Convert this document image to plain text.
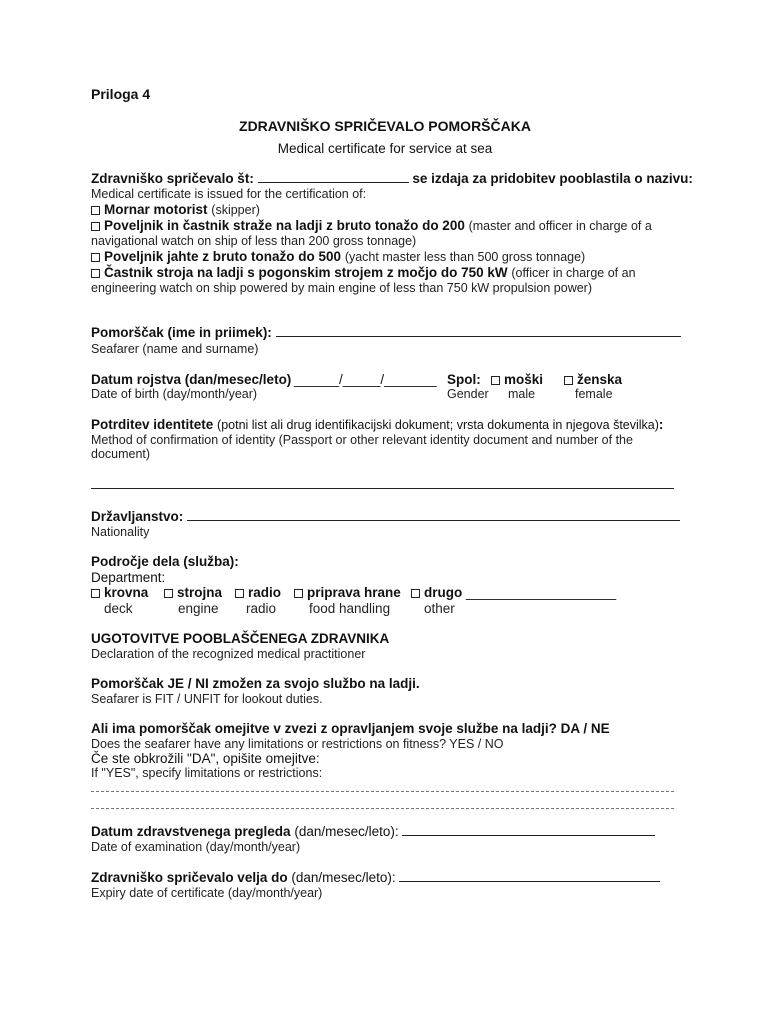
Priloga 4
ZDRAVNIŠKO SPRIČEVALO POMORŠČAKA
Medical certificate for service at sea
Zdravniško spričevalo št:	se izdaja za pridobitev pooblastila o nazivu:
Medical certificate is issued for the certification of:
Mornar motorist (skipper)
Poveljnik in častnik straže na ladji z bruto tonažo do 200 (master and officer in charge of a
navigational watch on ship of less than 200 gross tonnage)
Poveljnik jahte z bruto tonažo do 500 (yacht master less than 500 gross tonnage)
Častnik stroja na ladji s pogonskim strojem z močjo do 750 kW (officer in charge of an
engineering watch on ship powered by main engine of less than 750 kW propulsion power)
Pomorščak (ime in priimek):
Seafarer (name and surname)
Datum rojstva (dan/mesec/leto) ______/_____/_______
Date of birth (day/month/year)
Spol:
Gender
moški
male
ženska
female
Potrditev identitete (potni list ali drug identifikacijski dokument; vrsta dokumenta in njegova številka):
Method of confirmation of identity (Passport or other relevant identity document and number of the
document)
Državljanstvo:
Nationality
Področje dela (služba):
Department:
krovna
deck
strojna
engine
radio
radio
priprava hrane
food handling
drugo ____________________
other
UGOTOVITVE POOBLAŠČENEGA ZDRAVNIKA
Declaration of the recognized medical practitioner
Pomorščak JE / NI zmožen za svojo službo na ladji.
Seafarer is FIT / UNFIT for lookout duties.
Ali ima pomorščak omejitve v zvezi z opravljanjem svoje službe na ladji? DA / NE
Does the seafarer have any limitations or restrictions on fitness? YES / NO
Če ste obkrožili "DA", opišite omejitve:
If "YES", specify limitations or restrictions:
Datum zdravstvenega pregleda (dan/mesec/leto):
Date of examination (day/month/year)
Zdravniško spričevalo velja do (dan/mesec/leto):
Expiry date of certificate (day/month/year)
